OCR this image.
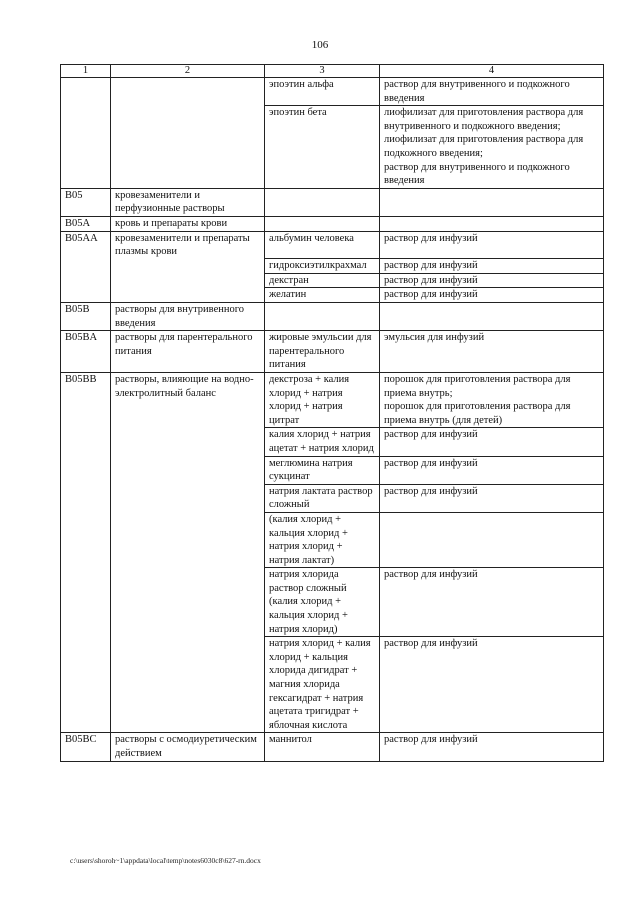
106
1	2	3	4
		эпоэтин альфа	раствор для внутривенного и подкожного введения
		эпоэтин бета	лиофилизат для приготовления раствора для внутривенного и подкожного введения;
лиофилизат для приготовления раствора для подкожного введения;
раствор для внутривенного и подкожного введения
B05	кровезаменители и перфузионные растворы		
B05A	кровь и препараты крови		
B05AA	кровезаменители и препараты плазмы крови	альбумин человека	раствор для инфузий
		гидроксиэтилкрахмал	раствор для инфузий
		декстран	раствор для инфузий
		желатин	раствор для инфузий
B05B	растворы для внутривенного введения		
B05BA	растворы для парентерального питания	жировые эмульсии для парентерального питания	эмульсия для инфузий
B05BB	растворы, влияющие на водно-электролитный баланс	декстроза + калия хлорид + натрия хлорид + натрия цитрат	порошок для приготовления раствора для приема внутрь;
порошок для приготовления раствора для приема внутрь (для детей)
		калия хлорид + натрия ацетат + натрия хлорид	раствор для инфузий
		меглюмина натрия сукцинат	раствор для инфузий
		натрия лактата раствор сложный	раствор для инфузий
		(калия хлорид + кальция хлорид + натрия хлорид + натрия лактат)	
		натрия хлорида раствор сложный
(калия хлорид + кальция хлорид + натрия хлорид)	раствор для инфузий
		натрия хлорид + калия хлорид + кальция хлорида дигидрат + магния хлорида гексагидрат + натрия ацетата тригидрат + яблочная кислота	раствор для инфузий
B05BC	растворы с осмодиуретическим действием	маннитол	раствор для инфузий
c:\users\shoroh~1\appdata\local\temp\notes6030c8\627-rn.docx
